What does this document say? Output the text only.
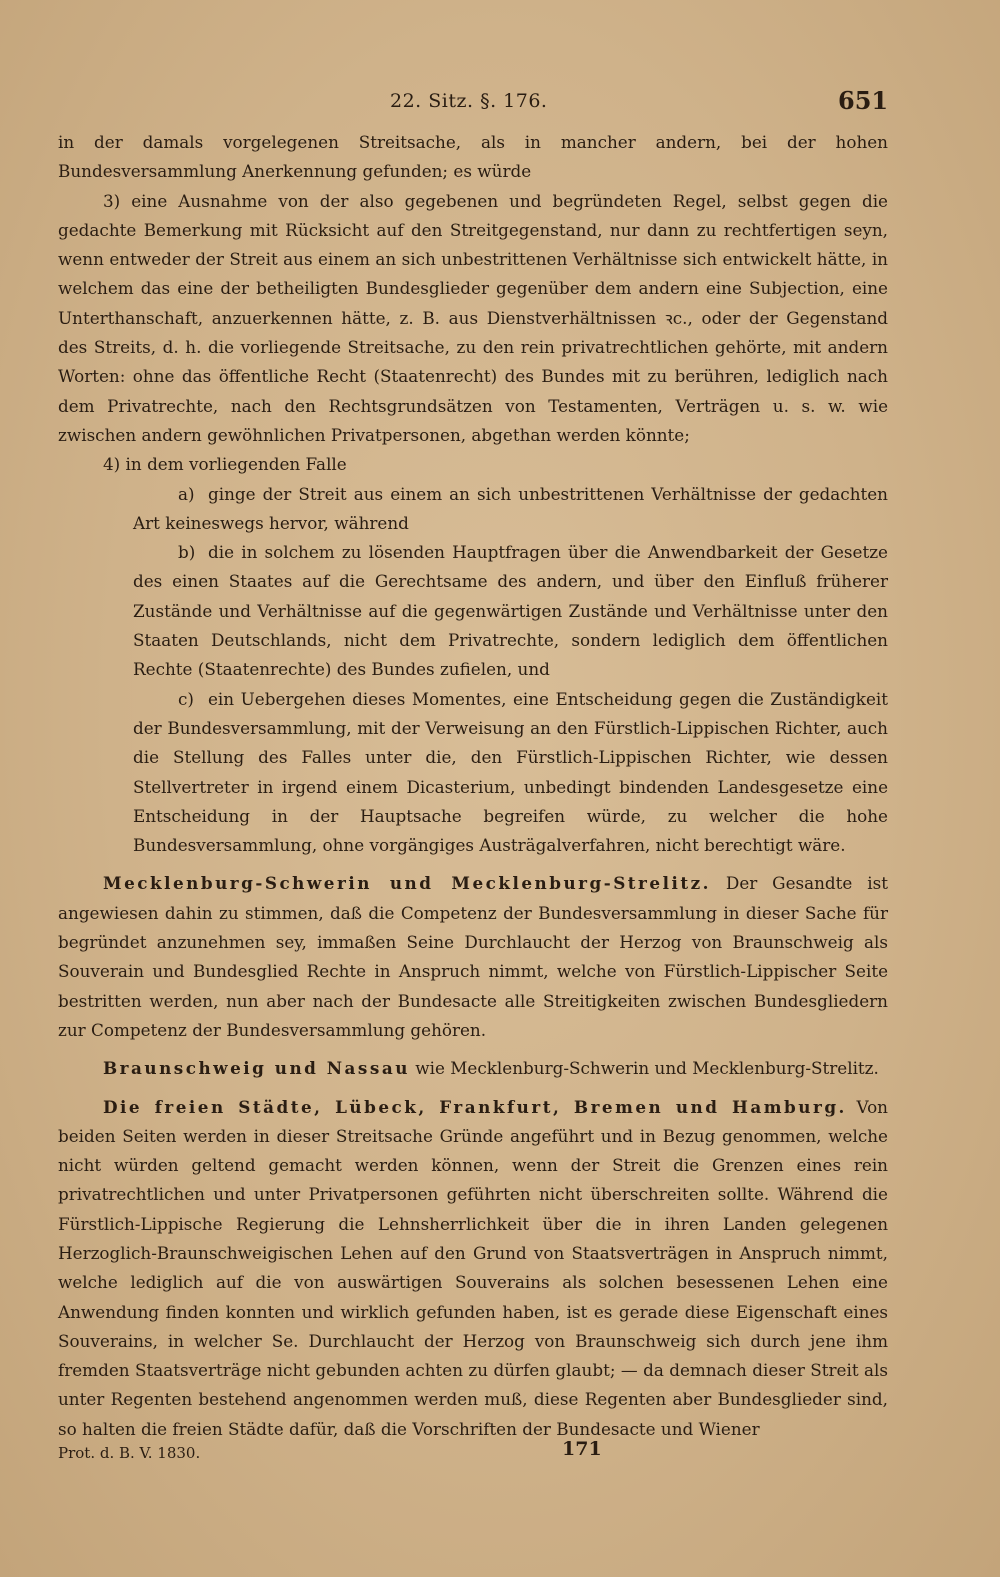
22. Sitz. §. 176.	651

in der damals vorgelegenen Streitsache, als in mancher andern, bei der hohen Bundesversammlung Anerkennung gefunden; es würde

3) eine Ausnahme von der also gegebenen und begründeten Regel, selbst gegen die gedachte Bemerkung mit Rücksicht auf den Streitgegenstand, nur dann zu rechtfertigen seyn, wenn entweder der Streit aus einem an sich unbestrittenen Verhältnisse sich entwickelt hätte, in welchem das eine der betheiligten Bundesglieder gegenüber dem andern eine Subjection, eine Unterthanschaft, anzuerkennen hätte, z. B. aus Dienstverhältnissen ꝛc., oder der Gegenstand des Streits, d. h. die vorliegende Streitsache, zu den rein privatrechtlichen gehörte, mit andern Worten: ohne das öffentliche Recht (Staatenrecht) des Bundes mit zu berühren, lediglich nach dem Privatrechte, nach den Rechtsgrundsätzen von Testamenten, Verträgen u. s. w. wie zwischen andern gewöhnlichen Privatpersonen, abgethan werden könnte;

4) in dem vorliegenden Falle

a) ginge der Streit aus einem an sich unbestrittenen Verhältnisse der gedachten Art keineswegs hervor, während

b) die in solchem zu lösenden Hauptfragen über die Anwendbarkeit der Gesetze des einen Staates auf die Gerechtsame des andern, und über den Einfluß früherer Zustände und Verhältnisse auf die gegenwärtigen Zustände und Verhältnisse unter den Staaten Deutschlands, nicht dem Privatrechte, sondern lediglich dem öffentlichen Rechte (Staatenrechte) des Bundes zufielen, und

c) ein Uebergehen dieses Momentes, eine Entscheidung gegen die Zuständigkeit der Bundesversammlung, mit der Verweisung an den Fürstlich-Lippischen Richter, auch die Stellung des Falles unter die, den Fürstlich-Lippischen Richter, wie dessen Stellvertreter in irgend einem Dicasterium, unbedingt bindenden Landesgesetze eine Entscheidung in der Hauptsache begreifen würde, zu welcher die hohe Bundesversammlung, ohne vorgängiges Austrägalverfahren, nicht berechtigt wäre.

Mecklenburg-Schwerin und Mecklenburg-Strelitz. Der Gesandte ist angewiesen dahin zu stimmen, daß die Competenz der Bundesversammlung in dieser Sache für begründet anzunehmen sey, immaßen Seine Durchlaucht der Herzog von Braunschweig als Souverain und Bundesglied Rechte in Anspruch nimmt, welche von Fürstlich-Lippischer Seite bestritten werden, nun aber nach der Bundesacte alle Streitigkeiten zwischen Bundesgliedern zur Competenz der Bundesversammlung gehören.

Braunschweig und Nassau wie Mecklenburg-Schwerin und Mecklenburg-Strelitz.

Die freien Städte, Lübeck, Frankfurt, Bremen und Hamburg. Von beiden Seiten werden in dieser Streitsache Gründe angeführt und in Bezug genommen, welche nicht würden geltend gemacht werden können, wenn der Streit die Grenzen eines rein privatrechtlichen und unter Privatpersonen geführten nicht überschreiten sollte. Während die Fürstlich-Lippische Regierung die Lehnsherrlichkeit über die in ihren Landen gelegenen Herzoglich-Braunschweigischen Lehen auf den Grund von Staatsverträgen in Anspruch nimmt, welche lediglich auf die von auswärtigen Souverains als solchen besessenen Lehen eine Anwendung finden konnten und wirklich gefunden haben, ist es gerade diese Eigenschaft eines Souverains, in welcher Se. Durchlaucht der Herzog von Braunschweig sich durch jene ihm fremden Staatsverträge nicht gebunden achten zu dürfen glaubt; — da demnach dieser Streit als unter Regenten bestehend angenommen werden muß, diese Regenten aber Bundesglieder sind, so halten die freien Städte dafür, daß die Vorschriften der Bundesacte und Wiener

Prot. d. B. V. 1830.	171
